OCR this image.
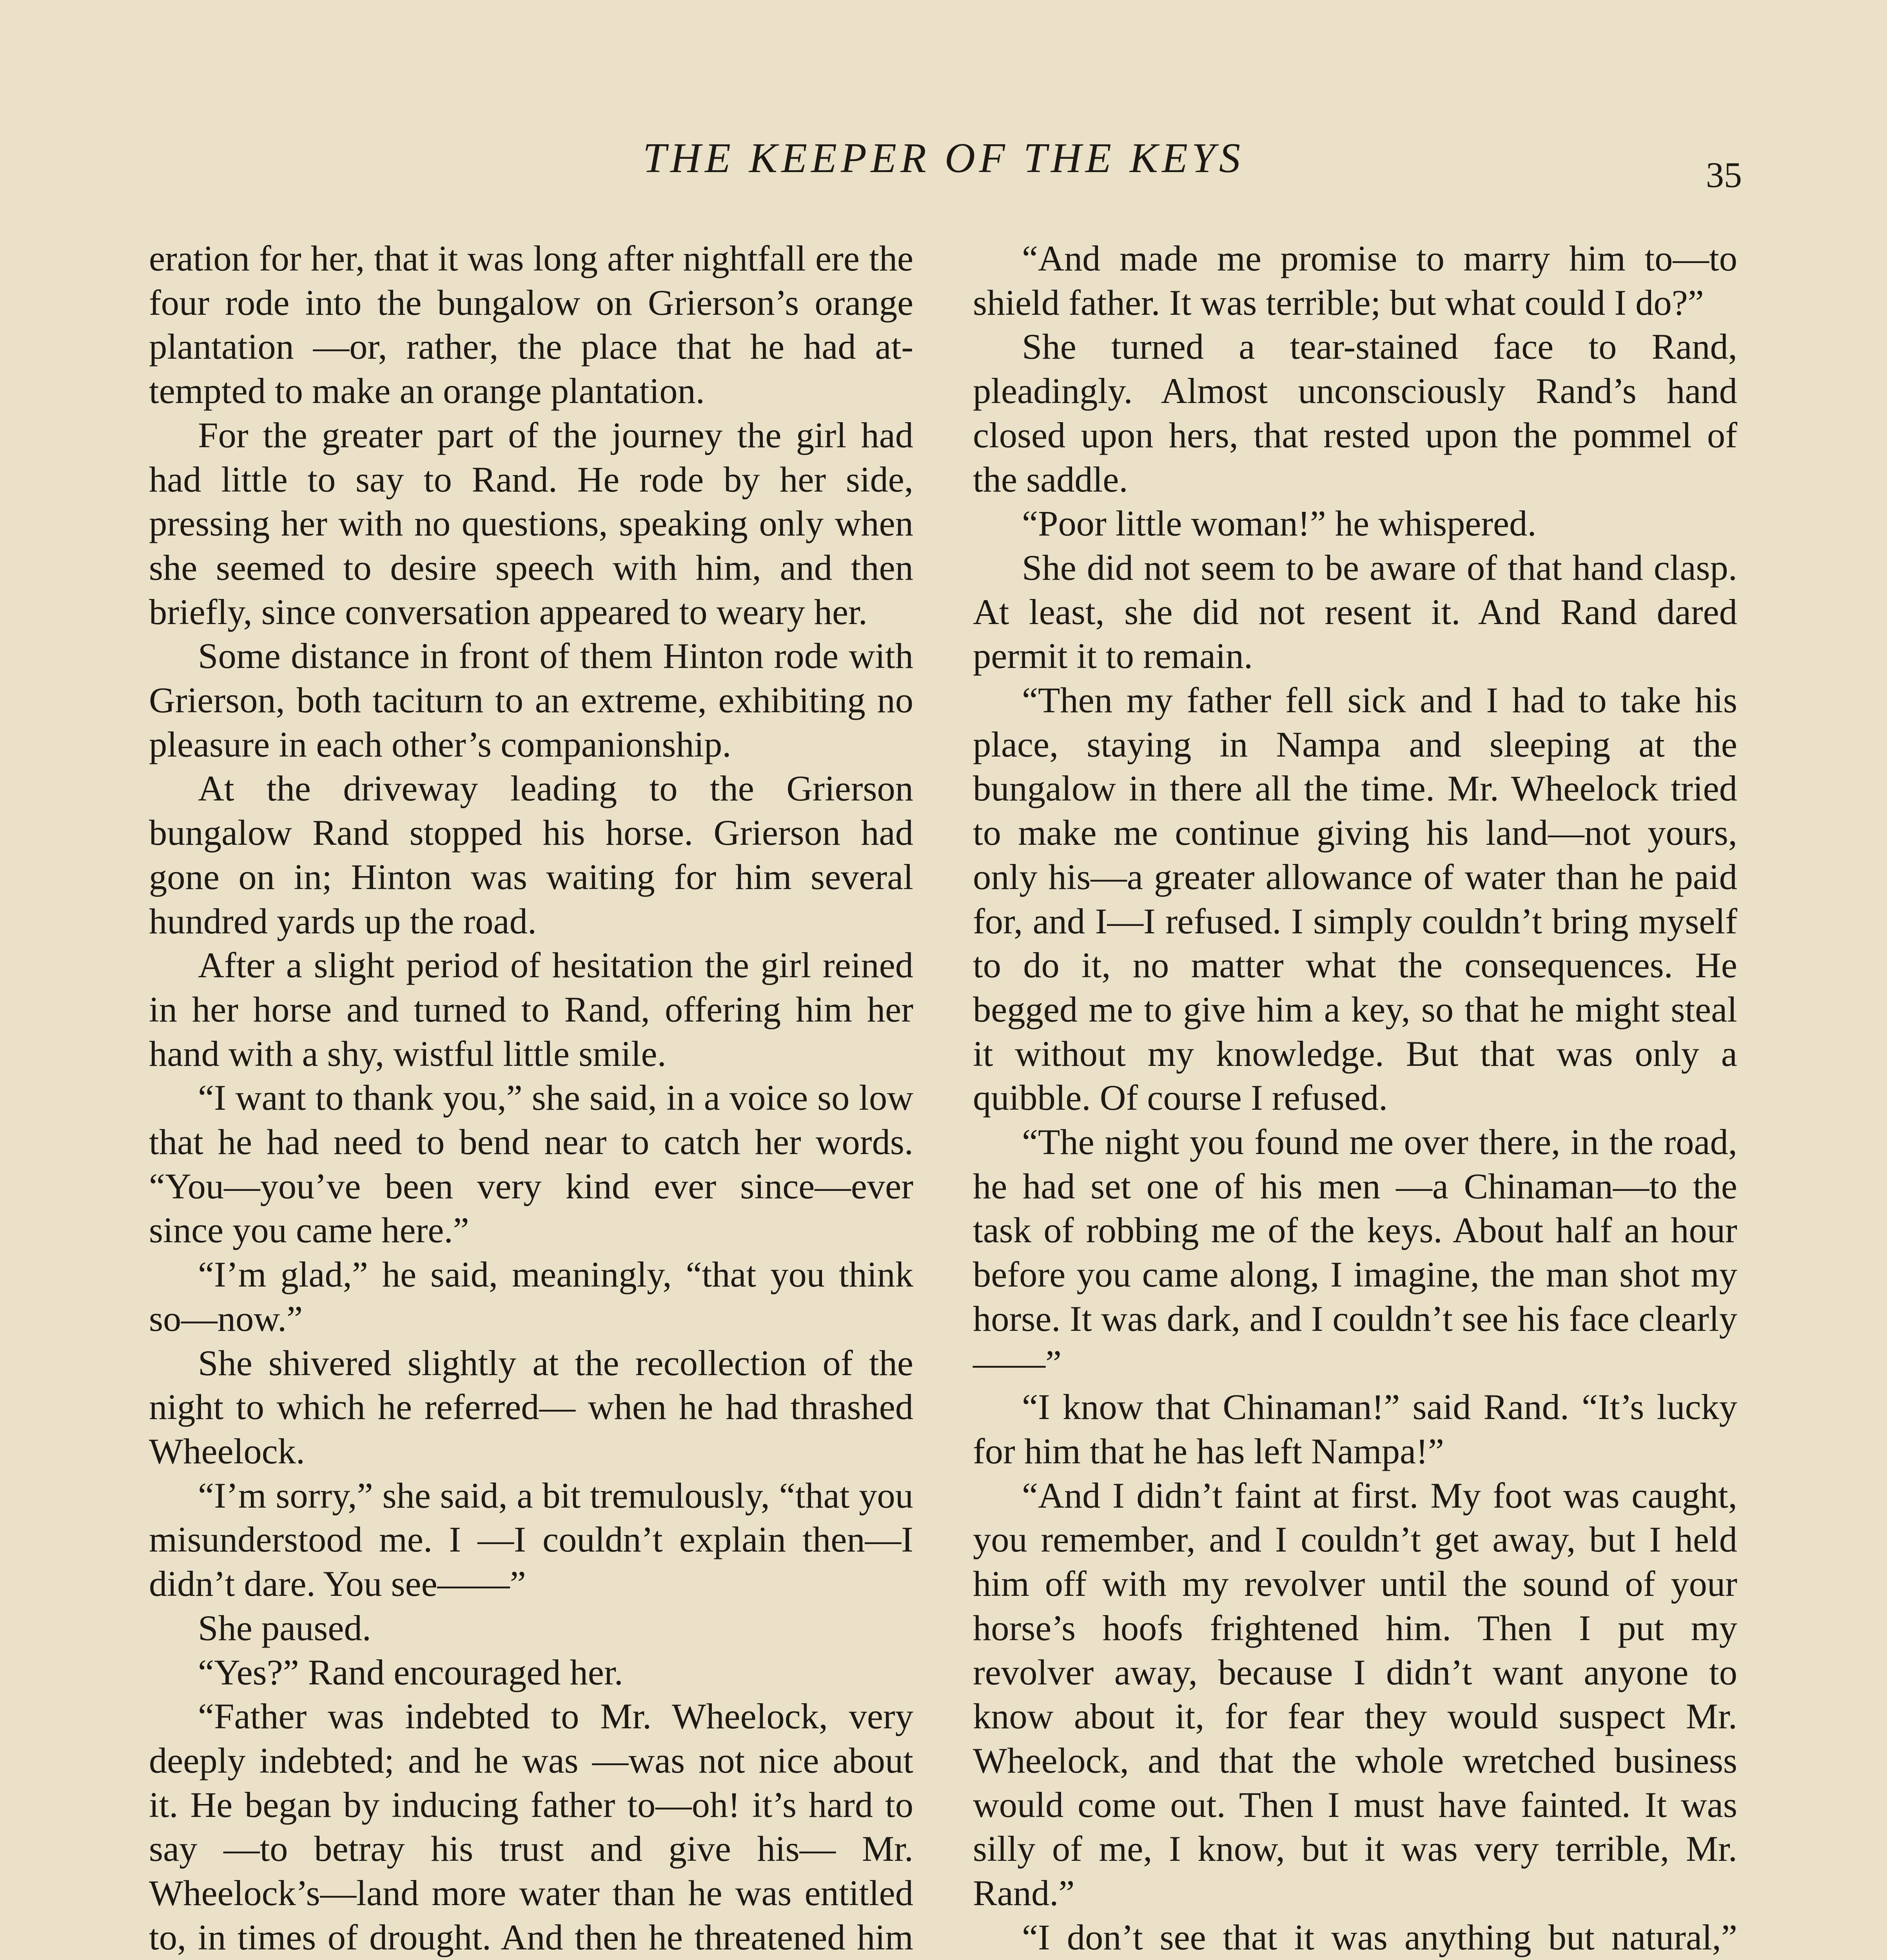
THE KEEPER OF THE KEYS	35

eration for her, that it was long after nightfall ere the four rode into the bungalow on Grierson’s orange plantation —or, rather, the place that he had attempted to make an orange plantation.

For the greater part of the journey the girl had had little to say to Rand. He rode by her side, pressing her with no questions, speaking only when she seemed to desire speech with him, and then briefly, since conversation appeared to weary her.

Some distance in front of them Hinton rode with Grierson, both taciturn to an extreme, exhibiting no pleasure in each other’s companionship.

At the driveway leading to the Grierson bungalow Rand stopped his horse. Grierson had gone on in; Hinton was waiting for him several hundred yards up the road.

After a slight period of hesitation the girl reined in her horse and turned to Rand, offering him her hand with a shy, wistful little smile.

“I want to thank you,” she said, in a voice so low that he had need to bend near to catch her words. “You—you’ve been very kind ever since—ever since you came here.”

“I’m glad,” he said, meaningly, “that you think so—now.”

She shivered slightly at the recollection of the night to which he referred— when he had thrashed Wheelock.

“I’m sorry,” she said, a bit tremulously, “that you misunderstood me. I —I couldn’t explain then—I didn’t dare. You see——”

She paused.

“Yes?” Rand encouraged her.

“Father was indebted to Mr. Wheelock, very deeply indebted; and he was —was not nice about it. He began by inducing father to—oh! it’s hard to say —to betray his trust and give his— Mr. Wheelock’s—land more water than he was entitled to, in times of drought. And then he threatened him

“And made me promise to marry him to—to shield father. It was terrible; but what could I do?”

She turned a tear-stained face to Rand, pleadingly. Almost unconsciously Rand’s hand closed upon hers, that rested upon the pommel of the saddle.

“Poor little woman!” he whispered.

She did not seem to be aware of that hand clasp. At least, she did not resent it. And Rand dared permit it to remain.

“Then my father fell sick and I had to take his place, staying in Nampa and sleeping at the bungalow in there all the time. Mr. Wheelock tried to make me continue giving his land—not yours, only his—a greater allowance of water than he paid for, and I—I refused. I simply couldn’t bring myself to do it, no matter what the consequences. He begged me to give him a key, so that he might steal it without my knowledge. But that was only a quibble. Of course I refused.

“The night you found me over there, in the road, he had set one of his men —a Chinaman—to the task of robbing me of the keys. About half an hour before you came along, I imagine, the man shot my horse. It was dark, and I couldn’t see his face clearly——”

“I know that Chinaman!” said Rand. “It’s lucky for him that he has left Nampa!”

“And I didn’t faint at first. My foot was caught, you remember, and I couldn’t get away, but I held him off with my revolver until the sound of your horse’s hoofs frightened him. Then I put my revolver away, because I didn’t want anyone to know about it, for fear they would suspect Mr. Wheelock, and that the whole wretched business would come out. Then I must have fainted. It was silly of me, I know, but it was very terrible, Mr. Rand.”

“I don’t see that it was anything but natural,”
